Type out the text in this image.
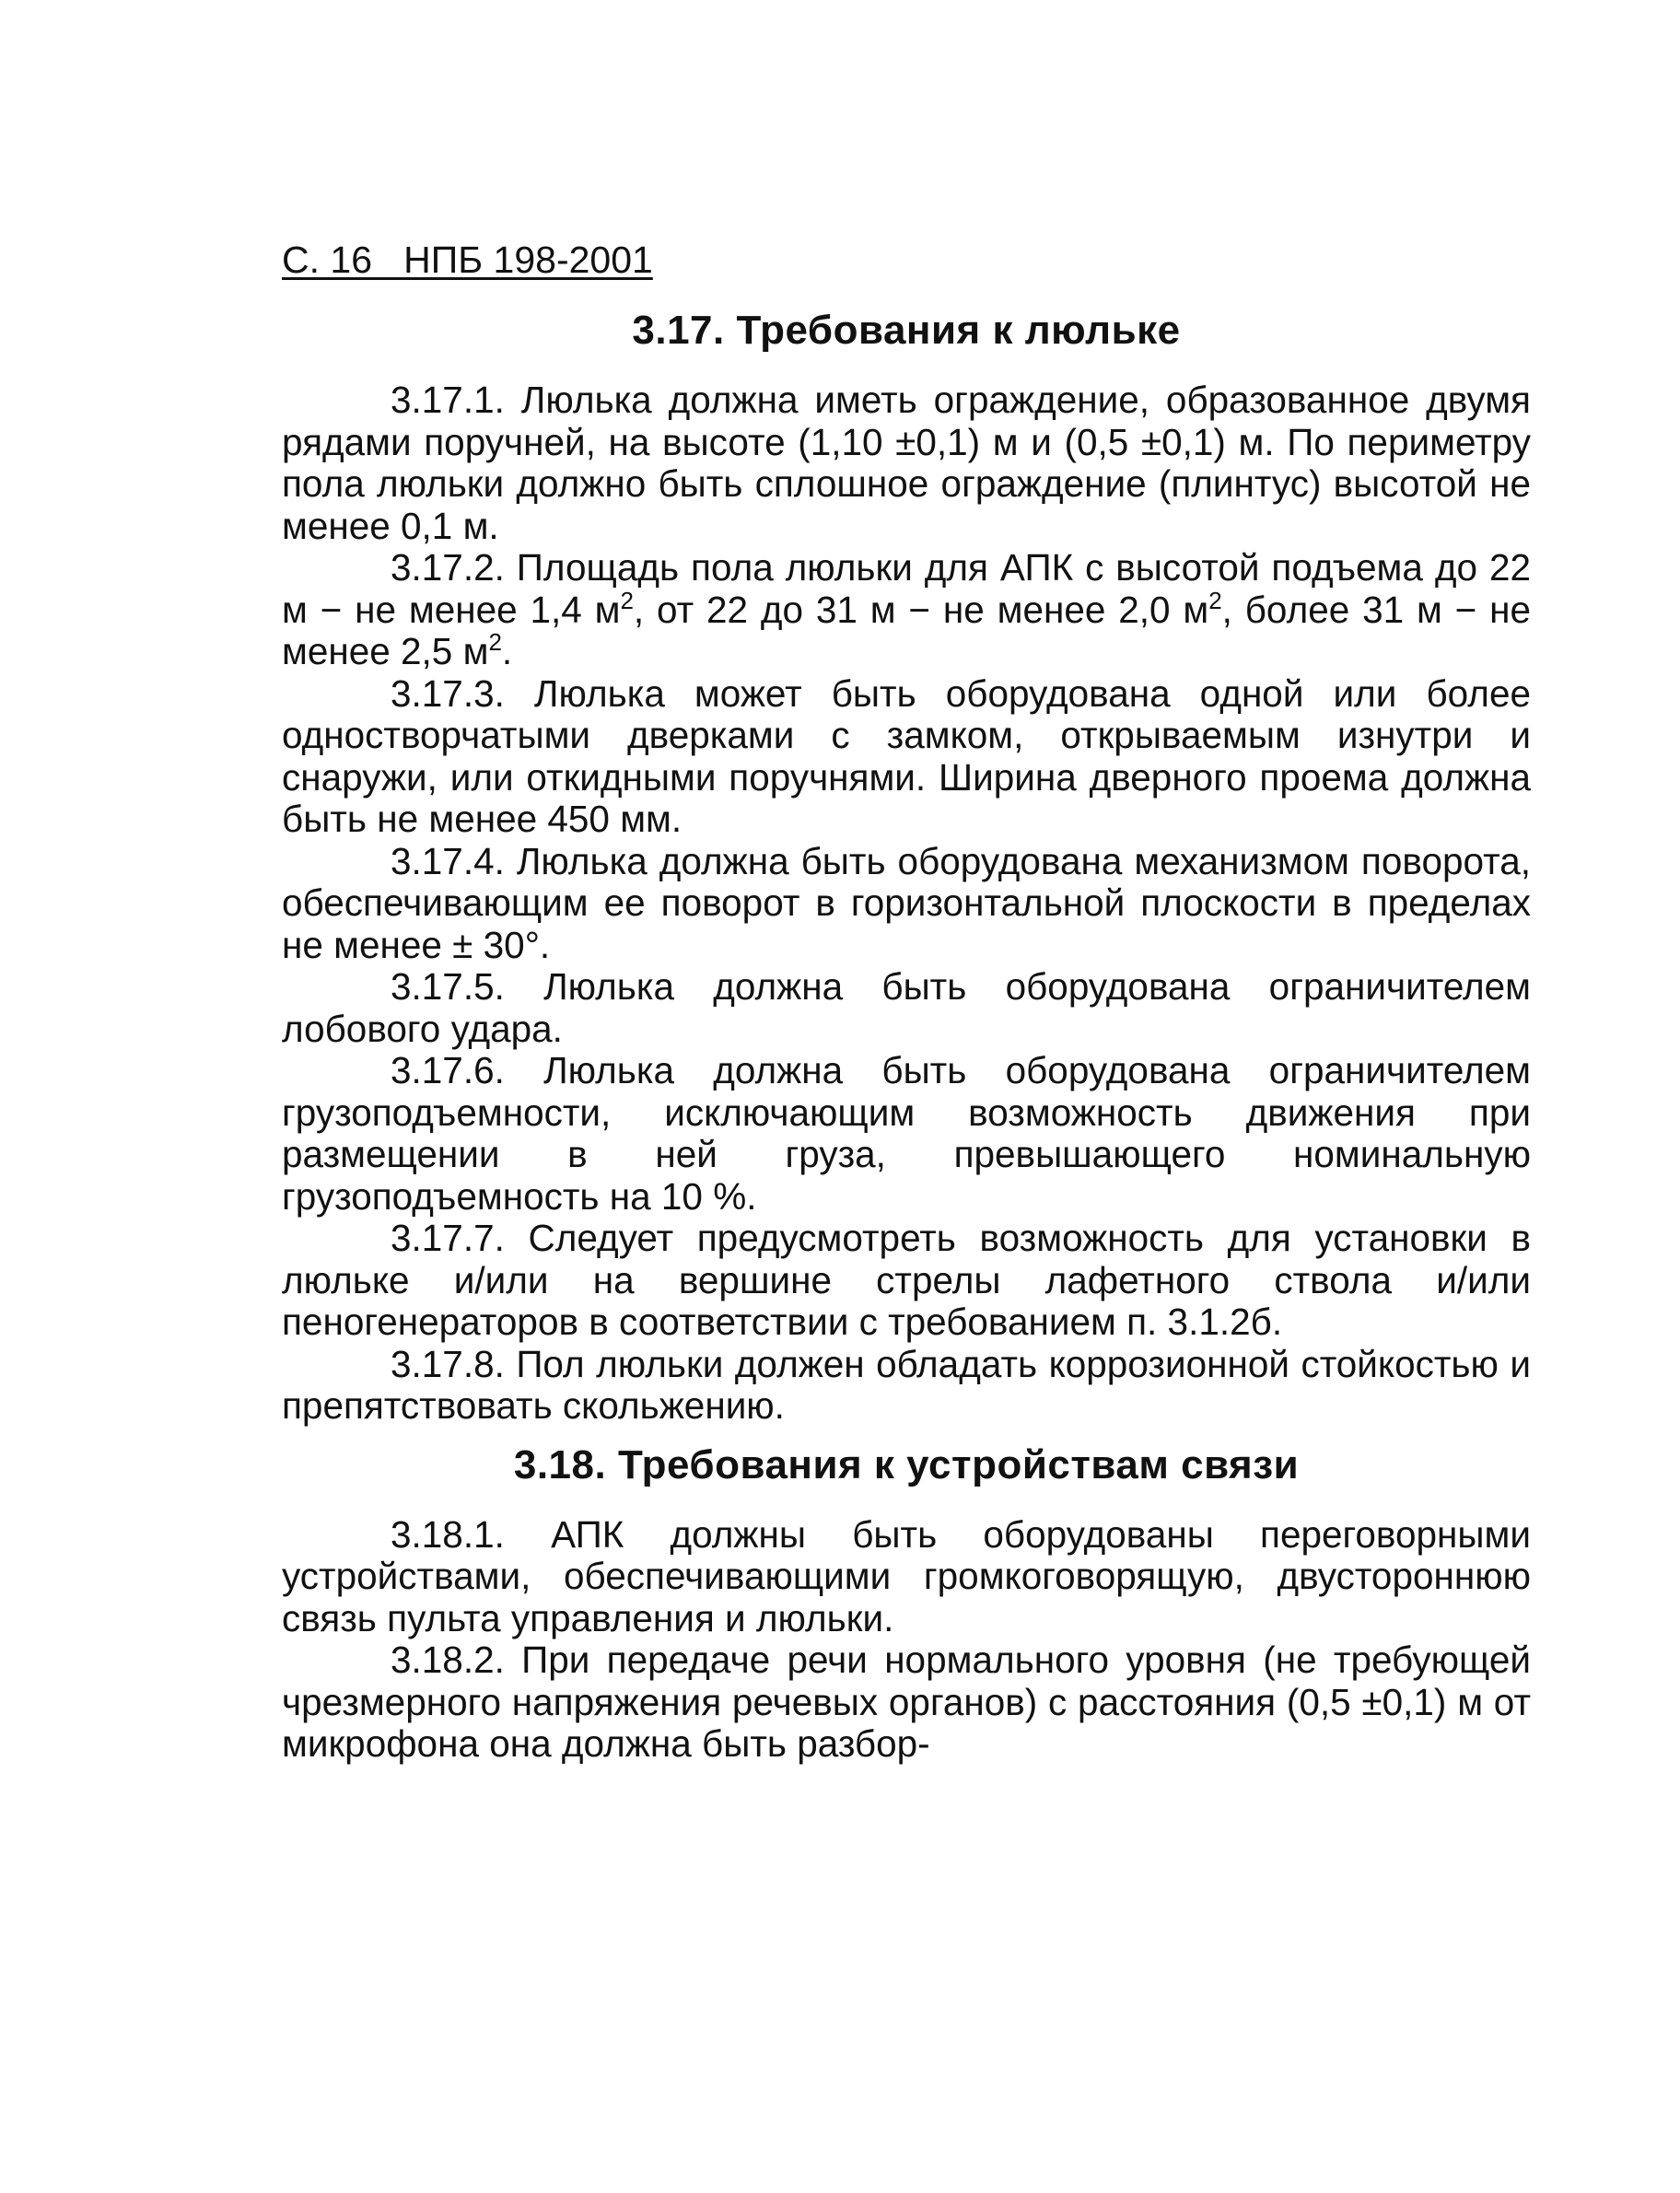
С. 16   НПБ 198-2001
3.17. Требования к люльке

3.17.1. Люлька должна иметь ограждение, образованное двумя рядами поручней, на высоте (1,10 ±0,1) м и (0,5 ±0,1) м. По периметру пола люльки должно быть сплошное ограждение (плинтус) высотой не менее 0,1 м.

3.17.2. Площадь пола люльки для АПК с высотой подъема до 22 м − не менее 1,4 $м^2$, от 22 до 31 м − не менее 2,0 $м^2$, более 31 м − не менее 2,5 $м^2$.

3.17.3. Люлька может быть оборудована одной или более одностворчатыми дверками с замком, открываемым изнутри и снаружи, или откидными поручнями. Ширина дверного проема должна быть не менее 450 мм.

3.17.4. Люлька должна быть оборудована механизмом поворота, обеспечивающим ее поворот в горизонтальной плоскости в пределах не менее ± 30°.

3.17.5. Люлька должна быть оборудована ограничителем лобового удара.

3.17.6. Люлька должна быть оборудована ограничителем грузоподъемности, исключающим возможность движения при размещении в ней груза, превышающего номинальную грузоподъемность на 10 %.

3.17.7. Следует предусмотреть возможность для установки в люльке и/или на вершине стрелы лафетного ствола и/или пеногенераторов в соответствии с требованием п. 3.1.2б.

3.17.8. Пол люльки должен обладать коррозионной стойкостью и препятствовать скольжению.

3.18. Требования к устройствам связи

3.18.1. АПК должны быть оборудованы переговорными устройствами, обеспечивающими громкоговорящую, двустороннюю связь пульта управления и люльки.

3.18.2. При передаче речи нормального уровня (не требующей чрезмерного напряжения речевых органов) с расстояния (0,5 ±0,1) м от микрофона она должна быть разбор-
